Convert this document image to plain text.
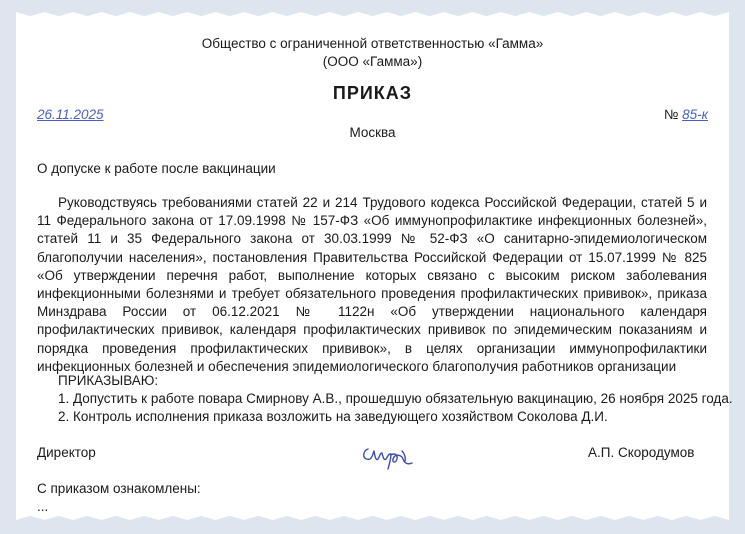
Общество с ограниченной ответственностью «Гамма»
(ООО «Гамма»)
ПРИКАЗ
26.11.2025	№ 85-к
Москва
О допуске к работе после вакцинации
Руководствуясь требованиями статей 22 и 214 Трудового кодекса Российской Федерации, статей 5 и 11 Федерального закона от 17.09.1998 № 157-ФЗ «Об иммунопрофилактике инфекционных болезней», статей 11 и 35 Федерального закона от 30.03.1999 № 52-ФЗ «О санитарно-эпидемиологическом благополучии населения», постановления Правительства Российской Федерации от 15.07.1999 № 825 «Об утверждении перечня работ, выполнение которых связано с высоким риском заболевания инфекционными болезнями и требует обязательного проведения профилактических прививок», приказа Минздрава России от 06.12.2021 № 1122н «Об утверждении национального календаря профилактических прививок, календаря профилактических прививок по эпидемическим показаниям и порядка проведения профилактических прививок», в целях организации иммунопрофилактики инфекционных болезней и обеспечения эпидемиологического благополучия работников организации
ПРИКАЗЫВАЮ:
1. Допустить к работе повара Смирнову А.В., прошедшую обязательную вакцинацию, 26 ноября 2025 года.
2. Контроль исполнения приказа возложить на заведующего хозяйством Соколова Д.И.
Директор	А.П. Скородумов
С приказом ознакомлены:
...
